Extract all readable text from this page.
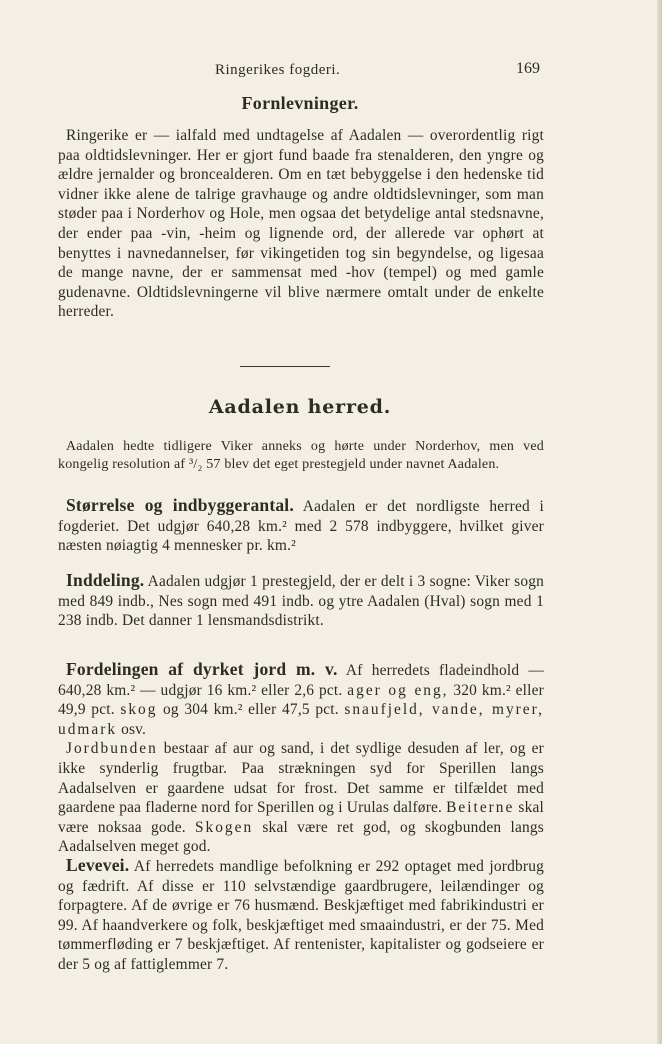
Ringerikes fogderi.	169
Fornlevninger.

Ringerike er — ialfald med undtagelse af Aadalen — overordentlig rigt paa oldtidslevninger. Her er gjort fund baade fra stenalderen, den yngre og ældre jernalder og broncealderen. Om en tæt bebyggelse i den hedenske tid vidner ikke alene de talrige gravhauge og andre oldtidslevninger, som man støder paa i Norderhov og Hole, men ogsaa det betydelige antal stedsnavne, der ender paa -vin, -heim og lignende ord, der allerede var ophørt at benyttes i navnedannelser, før vikingetiden tog sin begyndelse, og ligesaa de mange navne, der er sammensat med -hov (tempel) og med gamle gudenavne. Oldtidslevningerne vil blive nærmere omtalt under de enkelte herreder.

Aadalen herred.

Aadalen hedte tidligere Viker anneks og hørte under Norderhov, men ved kongelig resolution af ³/₂ 57 blev det eget prestegjeld under navnet Aadalen.

Størrelse og indbyggerantal. Aadalen er det nordligste herred i fogderiet. Det udgjør 640,28 km.² med 2 578 indbyggere, hvilket giver næsten nøiagtig 4 mennesker pr. km.²

Inddeling. Aadalen udgjør 1 prestegjeld, der er delt i 3 sogne: Viker sogn med 849 indb., Nes sogn med 491 indb. og ytre Aadalen (Hval) sogn med 1 238 indb. Det danner 1 lensmandsdistrikt.

Fordelingen af dyrket jord m. v. Af herredets fladeindhold — 640,28 km.² — udgjør 16 km.² eller 2,6 pct. ager og eng, 320 km.² eller 49,9 pct. skog og 304 km.² eller 47,5 pct. snaufjeld, vande, myrer, udmark osv.

Jordbunden bestaar af aur og sand, i det sydlige desuden af ler, og er ikke synderlig frugtbar. Paa strækningen syd for Sperillen langs Aadalselven er gaardene udsat for frost. Det samme er tilfældet med gaardene paa fladerne nord for Sperillen og i Urulas dalføre. Beiterne skal være noksaa gode. Skogen skal være ret god, og skogbunden langs Aadalselven meget god.

Levevei. Af herredets mandlige befolkning er 292 optaget med jordbrug og fædrift. Af disse er 110 selvstændige gaardbrugere, leilændinger og forpagtere. Af de øvrige er 76 husmænd. Beskjæftiget med fabrikindustri er 99. Af haandverkere og folk, beskjæftiget med smaaindustri, er der 75. Med tømmerfløding er 7 beskjæftiget. Af rentenister, kapitalister og godseiere er der 5 og af fattiglemmer 7.
